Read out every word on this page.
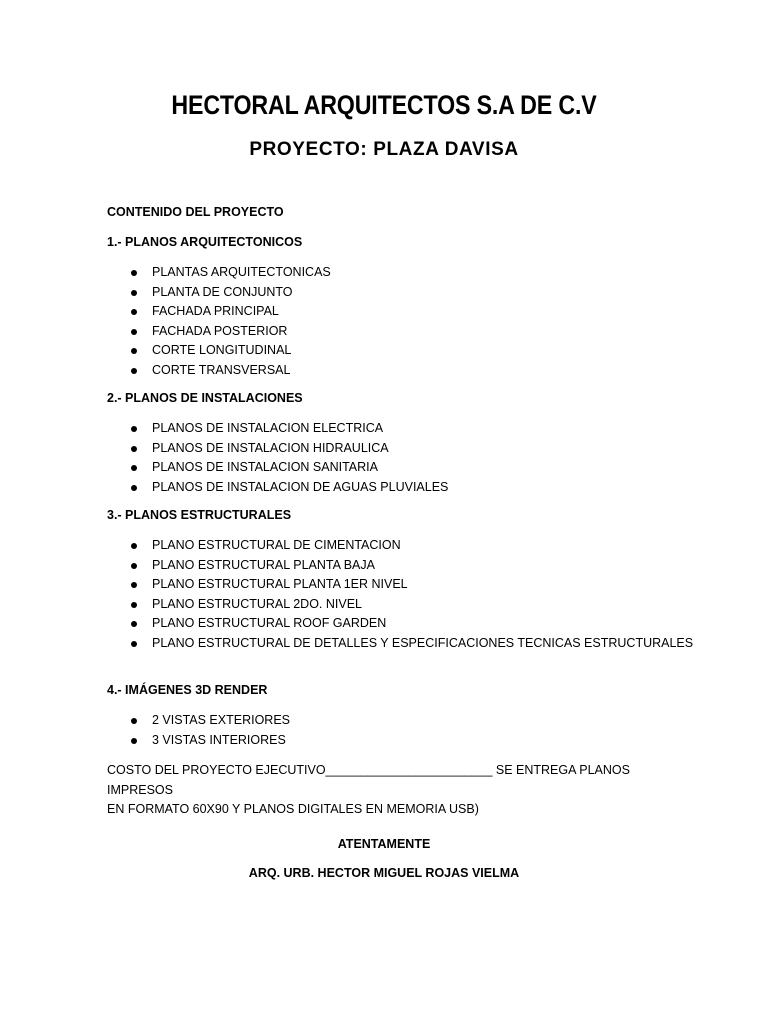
HECTORAL ARQUITECTOS S.A DE C.V
PROYECTO: PLAZA DAVISA
CONTENIDO DEL PROYECTO
1.- PLANOS ARQUITECTONICOS
PLANTAS ARQUITECTONICAS
PLANTA DE CONJUNTO
FACHADA PRINCIPAL
FACHADA POSTERIOR
CORTE LONGITUDINAL
CORTE TRANSVERSAL
2.- PLANOS DE INSTALACIONES
PLANOS DE INSTALACION ELECTRICA
PLANOS DE INSTALACION HIDRAULICA
PLANOS DE INSTALACION SANITARIA
PLANOS DE INSTALACION DE AGUAS PLUVIALES
3.- PLANOS ESTRUCTURALES
PLANO ESTRUCTURAL DE CIMENTACION
PLANO ESTRUCTURAL PLANTA BAJA
PLANO ESTRUCTURAL PLANTA 1ER NIVEL
PLANO ESTRUCTURAL 2DO. NIVEL
PLANO ESTRUCTURAL ROOF GARDEN
PLANO ESTRUCTURAL DE DETALLES Y ESPECIFICACIONES TECNICAS ESTRUCTURALES
4.- IMÁGENES 3D RENDER
2 VISTAS EXTERIORES
3 VISTAS INTERIORES
COSTO DEL PROYECTO EJECUTIVO________________________ SE ENTREGA PLANOS IMPRESOS
EN FORMATO 60X90 Y PLANOS DIGITALES EN MEMORIA USB)
ATENTAMENTE
ARQ. URB. HECTOR MIGUEL ROJAS VIELMA
